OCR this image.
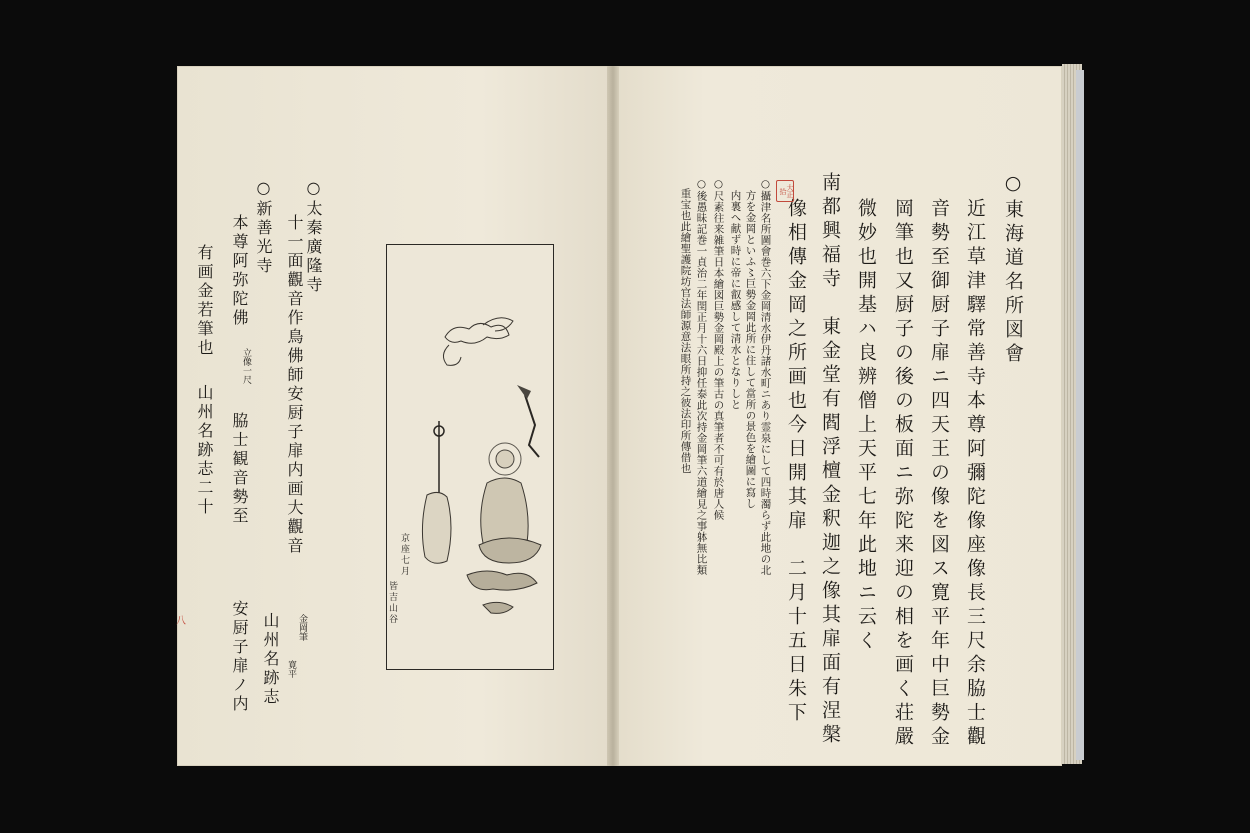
○東海道名所図會
近江草津驛常善寺本尊阿彌陀像座像長三尺余脇士觀
音勢至御厨子扉ニ四天王の像を図ス寛平年中巨勢金
岡筆也又厨子の後の板面ニ弥陀来迎の相を画く荘嚴
微妙也開基ハ良辨僧上天平七年此地ニ云く
南都興福寺　東金堂有閻浮檀金釈迦之像其扉面有涅槃
像相傳金岡之所画也今日開其扉　二月十五日朱下
大正拾
○攝津名所圖會巻六下金岡清水伊丹諸水町ニあり霊泉にして四時濁らず此地の北
方を金岡といふ〻巨勢金岡此所に住して當所の景色を繪圖に寫し
内裏へ献ず時に帝に叡感して清水となりしと
○尺素往来雑筆日本繪図巨勢金岡殿上の筆古の真筆者不可有於唐人候
○後愚昧記巻一貞治二年閏正月十六日抑任泰此次持金岡筆六道繪見之事躰無比類
重宝也此繪聖護院坊官法師源意法眼所持之彼法印所傳借也
○太秦廣隆寺
十一面觀音作鳥佛師安厨子扉内画大觀音
金岡筆
寛平
山州名跡志
○新善光寺
本尊阿弥陀佛
立像一尺
脇士観音勢至
安厨子扉ノ内
有画金若筆也
山州名跡志二十
八
京座七月
皆吉山谷
